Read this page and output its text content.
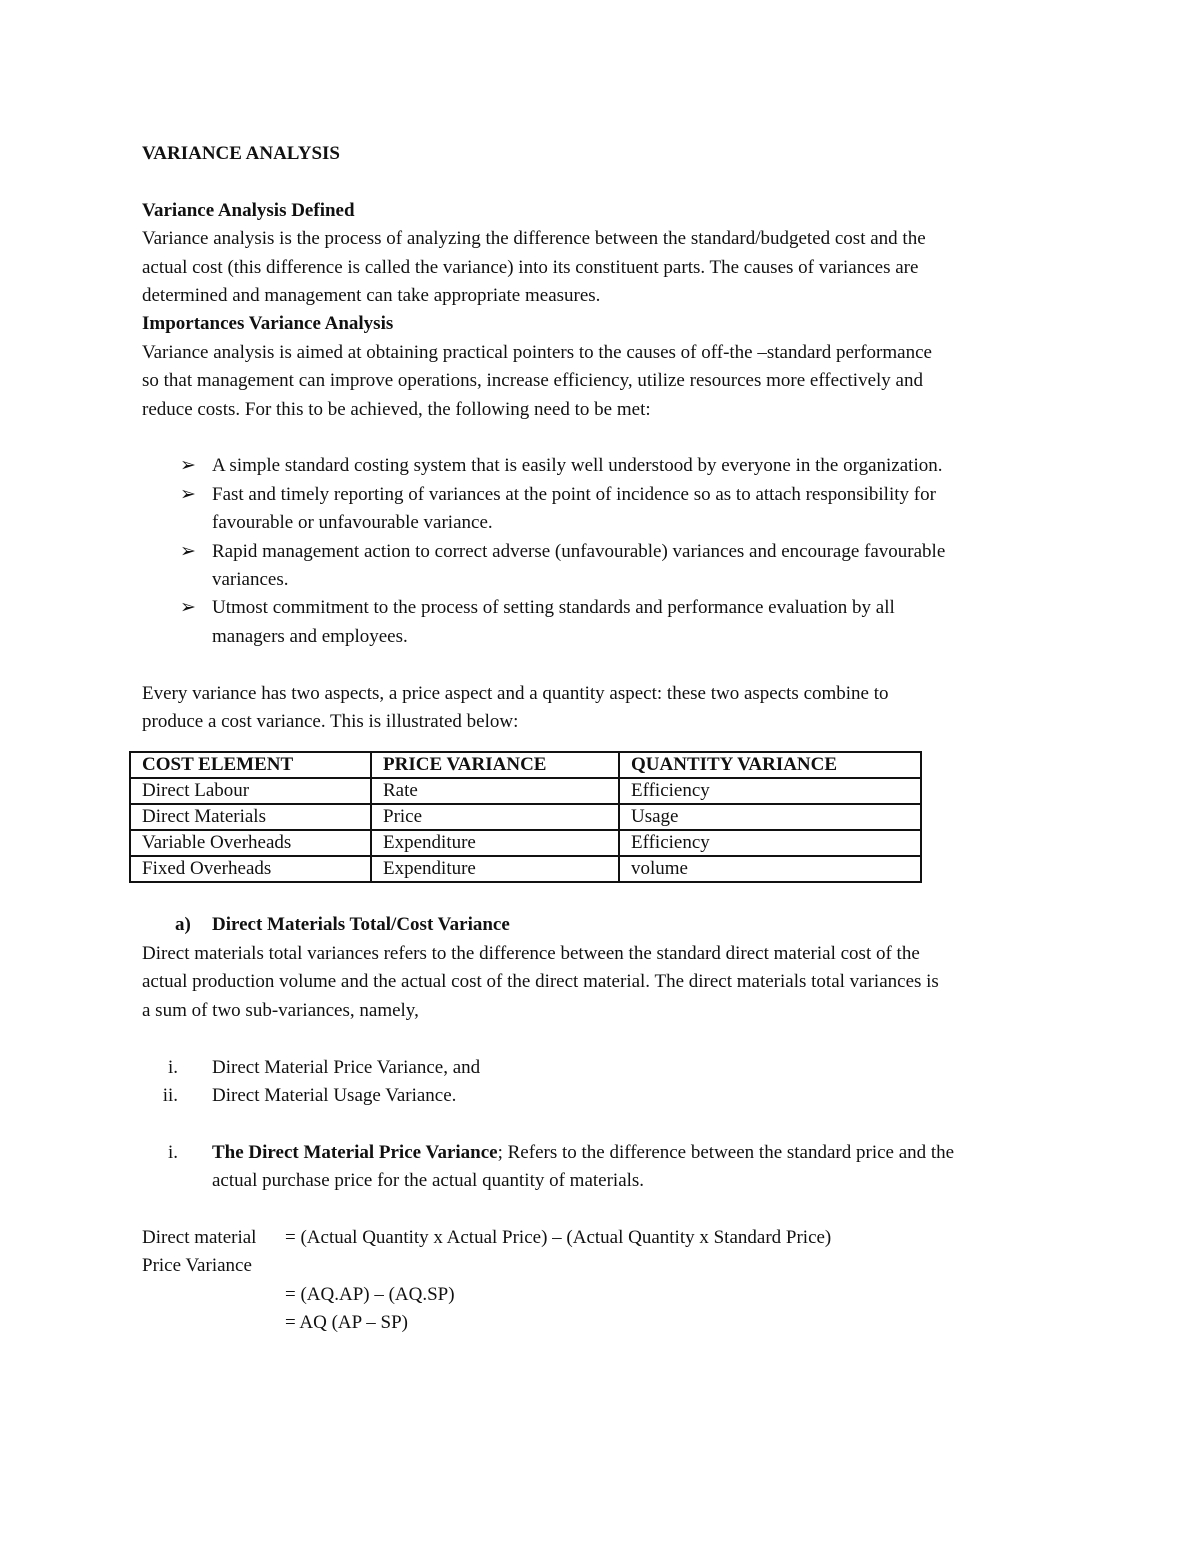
VARIANCE ANALYSIS

Variance Analysis Defined

Variance analysis is the process of analyzing the difference between the standard/budgeted cost and the

actual cost (this difference is called the variance) into its constituent parts. The causes of variances are

determined and management can take appropriate measures.

Importances Variance Analysis

Variance analysis is aimed at obtaining practical pointers to the causes of off-the –standard performance

so that management can improve operations, increase efficiency, utilize resources more effectively and

reduce costs. For this to be achieved, the following need to be met:

➢ A simple standard costing system that is easily well understood by everyone in the organization.
➢ Fast and timely reporting of variances at the point of incidence so as to attach responsibility for
favourable or unfavourable variance.
➢ Rapid management action to correct adverse (unfavourable) variances and encourage favourable
variances.
➢ Utmost commitment to the process of setting standards and performance evaluation by all
managers and employees.

Every variance has two aspects, a price aspect and a quantity aspect: these two aspects combine to

produce a cost variance. This is illustrated below:

COST ELEMENT	PRICE VARIANCE	QUANTITY VARIANCE
Direct Labour	Rate	Efficiency
Direct Materials	Price	Usage
Variable Overheads	Expenditure	Efficiency
Fixed Overheads	Expenditure	volume
a) Direct Materials Total/Cost Variance

Direct materials total variances refers to the difference between the standard direct material cost of the

actual production volume and the actual cost of the direct material. The direct materials total variances is

a sum of two sub-variances, namely,

i. Direct Material Price Variance, and
ii. Direct Material Usage Variance.
i. The Direct Material Price Variance; Refers to the difference between the standard price and the
actual purchase price for the actual quantity of materials.
Direct material = (Actual Quantity x Actual Price) – (Actual Quantity x Standard Price)
Price Variance
= (AQ.AP) – (AQ.SP)
= AQ (AP – SP)
